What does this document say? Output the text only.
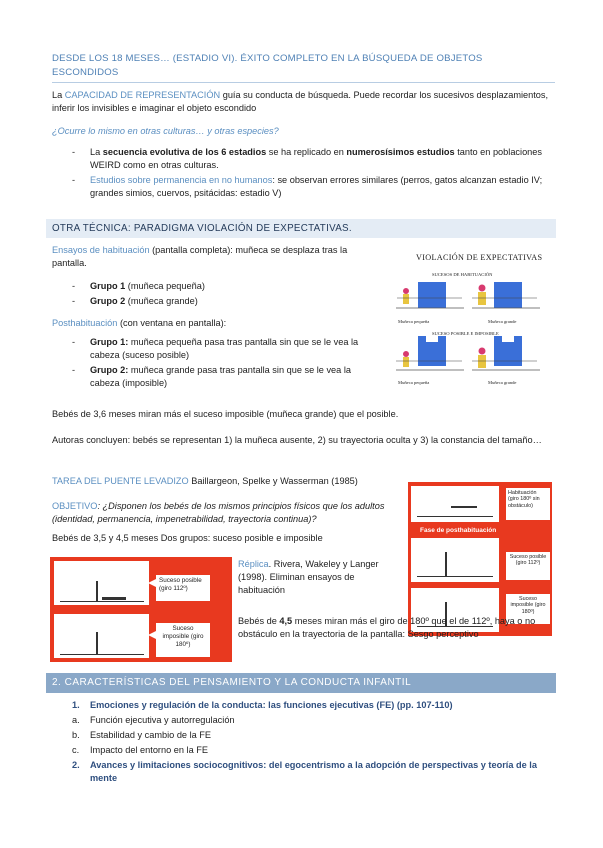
DESDE LOS 18 MESES… (ESTADIO VI). ÉXITO COMPLETO EN LA BÚSQUEDA DE OBJETOS ESCONDIDOS
La CAPACIDAD DE REPRESENTACIÓN guía su conducta de búsqueda. Puede recordar los sucesivos desplazamientos, inferir los invisibles e imaginar el objeto escondido
¿Ocurre lo mismo en otras culturas… y otras especies?
- La secuencia evolutiva de los 6 estadios se ha replicado en numerosísimos estudios tanto en poblaciones WEIRD como en otras culturas.
- Estudios sobre permanencia en no humanos: se observan errores similares (perros, gatos alcanzan estadio IV; grandes simios, cuervos, psitácidas: estadio V)
OTRA TÉCNICA: PARADIGMA VIOLACIÓN DE EXPECTATIVAS.
Ensayos de habituación (pantalla completa): muñeca se desplaza tras la pantalla.
- Grupo 1 (muñeca pequeña)
- Grupo 2 (muñeca grande)
Posthabituación (con ventana en pantalla):
- Grupo 1: muñeca pequeña pasa tras pantalla sin que se le vea la cabeza (suceso posible)
- Grupo 2: muñeca grande pasa tras pantalla sin que se le vea la cabeza (imposible)
VIOLACIÓN DE EXPECTATIVAS
SUCESOS DE HABITUACIÓN
Muñeca pequeña	Muñeca grande
SUCESO POSIBLE E IMPOSIBLE
Muñeca pequeña	Muñeca grande
Bebés de 3,6 meses miran más el suceso imposible (muñeca grande) que el posible.
Autoras concluyen: bebés se representan 1) la muñeca ausente, 2) su trayectoria oculta y 3) la constancia del tamaño…
TAREA DEL PUENTE LEVADIZO Baillargeon, Spelke y Wasserman (1985)
OBJETIVO: ¿Disponen los bebés de los mismos principios físicos que los adultos (identidad, permanencia, impenetrabilidad, trayectoria continua)?
Bebés de 3,5 y 4,5 meses Dos grupos: suceso posible e imposible
Suceso posible (giro 112º)
Suceso imposible (giro 180º)
Habituación (giro 180º sin obstáculo)
Fase de posthabituación
Suceso posible (giro 112º)
Suceso imposible (giro 180º)
Réplica. Rivera, Wakeley y Langer (1998). Eliminan ensayos de habituación
Bebés de 4,5 meses miran más el giro de 180º que el de 112º, haya o no obstáculo en la trayectoria de la pantalla: Sesgo perceptivo
2. CARACTERÍSTICAS DEL PENSAMIENTO Y LA CONDUCTA INFANTIL
1. Emociones y regulación de la conducta: las funciones ejecutivas (FE) (pp. 107-110)
a. Función ejecutiva y autorregulación
b. Estabilidad y cambio de la FE
c. Impacto del entorno en la FE
2. Avances y limitaciones sociocognitivos: del egocentrismo a la adopción de perspectivas y teoría de la mente
